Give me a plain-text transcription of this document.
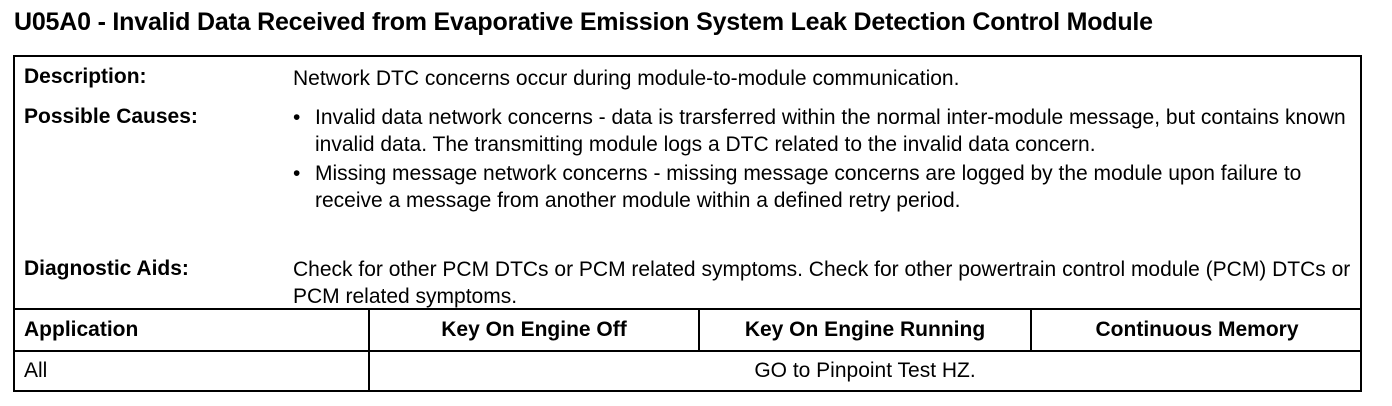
U05A0 - Invalid Data Received from Evaporative Emission System Leak Detection Control Module
Description:	Network DTC concerns occur during module-to-module communication.
Possible Causes:	• Invalid data network concerns - data is trarsferred within the normal inter-module message, but contains known invalid data. The transmitting module logs a DTC related to the invalid data concern.
• Missing message network concerns - missing message concerns are logged by the module upon failure to receive a message from another module within a defined retry period.
Diagnostic Aids:	Check for other PCM DTCs or PCM related symptoms. Check for other powertrain control module (PCM) DTCs or PCM related symptoms.
Application	Key On Engine Off	Key On Engine Running	Continuous Memory
All	GO to Pinpoint Test HZ.
